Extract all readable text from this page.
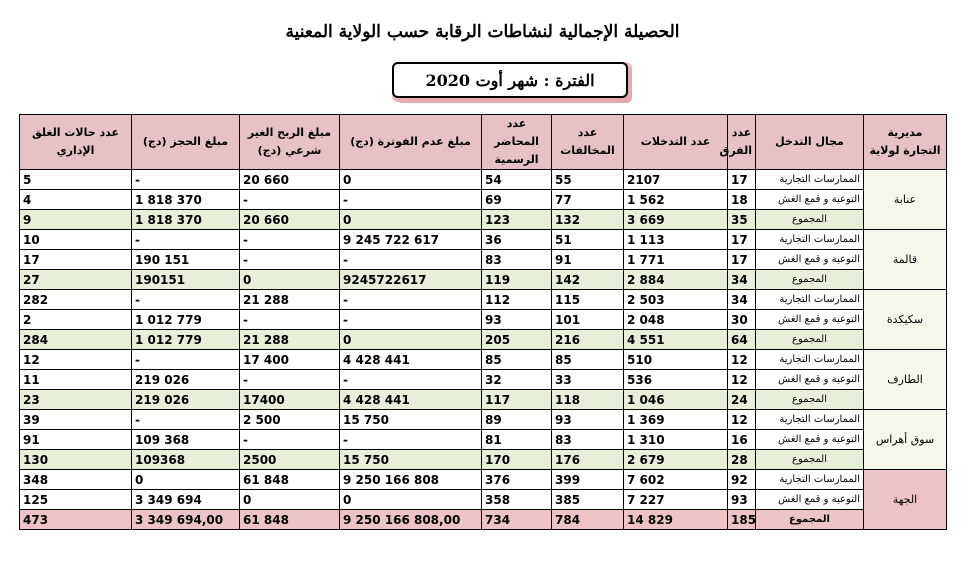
الحصيلة الإجمالية لنشاطات الرقابة حسب الولاية المعنية
الفترة : شهر أوت 2020
مديرية التجارة لولاية	مجال التدخل	عدد الفرق	عدد التدخلات	عدد المخالفات	عدد المحاضر الرسمية	مبلغ عدم الفوترة (دج)	مبلغ الربح الغير شرعي (دج)	مبلغ الحجز (دج)	عدد حالات الغلق الإداري
عنابة	الممارسات التجارية	17	2107	55	54	0	20 660	-	5
	التوعية و قمع الغش	18	1 562	77	69	-	-	1 818 370	4
	المجموع	35	3 669	132	123	0	20 660	1 818 370	9
قالمة	الممارسات التجارية	17	1 113	51	36	9 245 722 617	-	-	10
	التوعية و قمع الغش	17	1 771	91	83	-	-	190 151	17
	المجموع	34	2 884	142	119	9245722617	0	190151	27
سكيكدة	الممارسات التجارية	34	2 503	115	112	-	21 288	-	282
	التوعية و قمع الغش	30	2 048	101	93	-	-	1 012 779	2
	المجموع	64	4 551	216	205	0	21 288	1 012 779	284
الطارف	الممارسات التجارية	12	510	85	85	4 428 441	17 400	-	12
	التوعية و قمع الغش	12	536	33	32	-	-	219 026	11
	المجموع	24	1 046	118	117	4 428 441	17400	219 026	23
سوق أهراس	الممارسات التجارية	12	1 369	93	89	15 750	2 500	-	39
	التوعية و قمع الغش	16	1 310	83	81	-	-	109 368	91
	المجموع	28	2 679	176	170	15 750	2500	109368	130
الجهة	الممارسات التجارية	92	7 602	399	376	9 250 166 808	61 848	0	348
	التوعية و قمع الغش	93	7 227	385	358	0	0	3 349 694	125
	المجموع	185	14 829	784	734	9 250 166 808,00	61 848	3 349 694,00	473
